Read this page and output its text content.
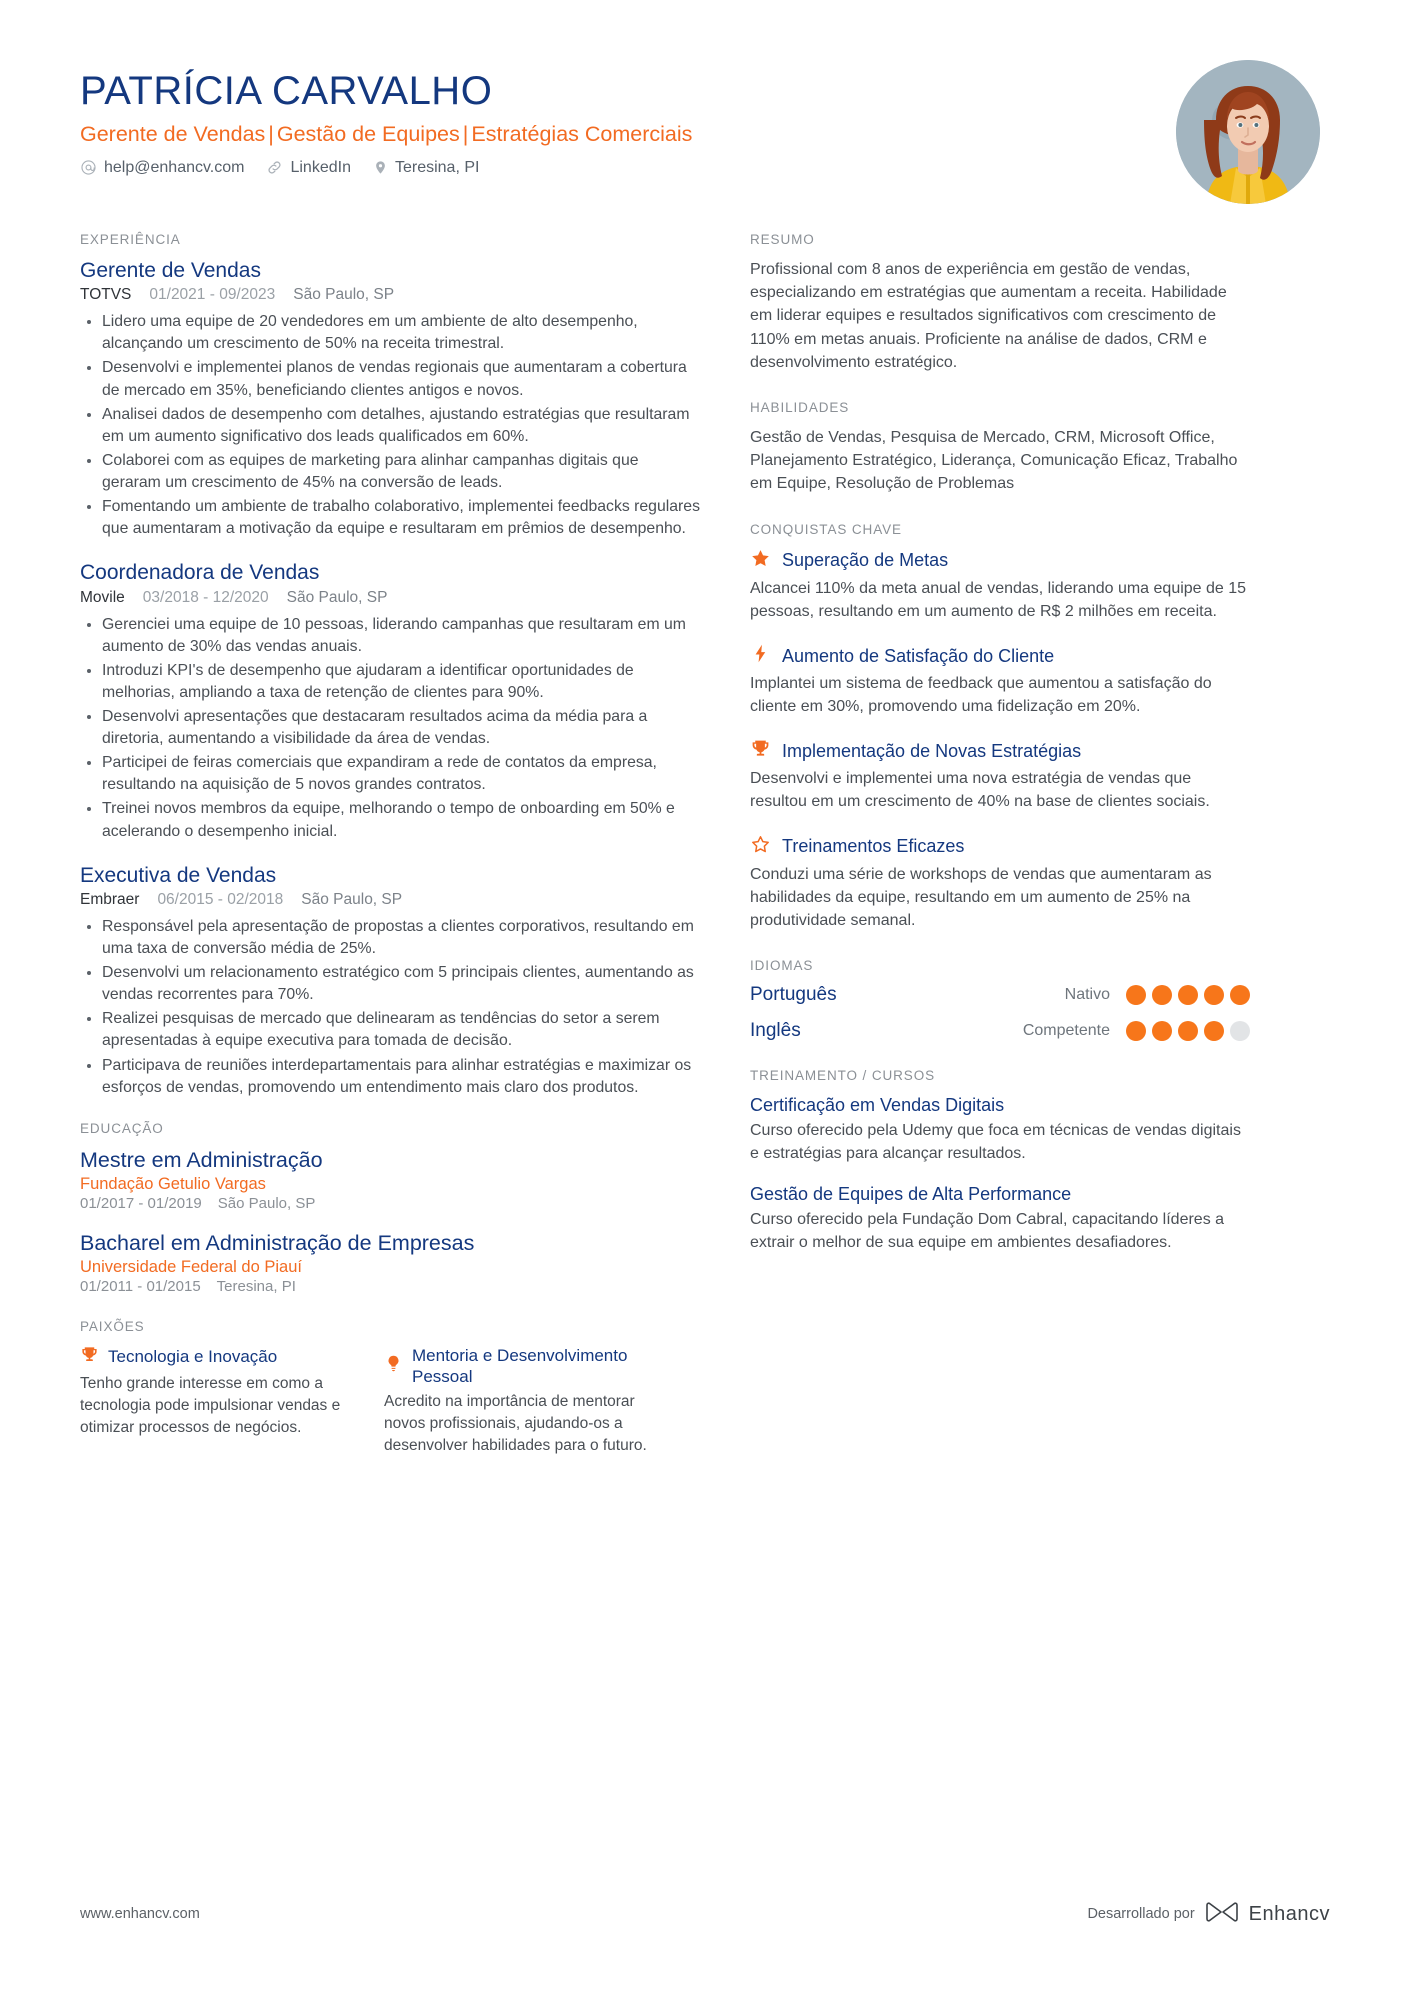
PATRÍCIA CARVALHO
Gerente de Vendas | Gestão de Equipes | Estratégias Comerciais
help@enhancv.com	LinkedIn	Teresina, PI
EXPERIÊNCIA
Gerente de Vendas
TOTVS 01/2021 - 09/2023 São Paulo, SP
Lidero uma equipe de 20 vendedores em um ambiente de alto desempenho, alcançando um crescimento de 50% na receita trimestral.
Desenvolvi e implementei planos de vendas regionais que aumentaram a cobertura de mercado em 35%, beneficiando clientes antigos e novos.
Analisei dados de desempenho com detalhes, ajustando estratégias que resultaram em um aumento significativo dos leads qualificados em 60%.
Colaborei com as equipes de marketing para alinhar campanhas digitais que geraram um crescimento de 45% na conversão de leads.
Fomentando um ambiente de trabalho colaborativo, implementei feedbacks regulares que aumentaram a motivação da equipe e resultaram em prêmios de desempenho.
Coordenadora de Vendas
Movile 03/2018 - 12/2020 São Paulo, SP
Gerenciei uma equipe de 10 pessoas, liderando campanhas que resultaram em um aumento de 30% das vendas anuais.
Introduzi KPI's de desempenho que ajudaram a identificar oportunidades de melhorias, ampliando a taxa de retenção de clientes para 90%.
Desenvolvi apresentações que destacaram resultados acima da média para a diretoria, aumentando a visibilidade da área de vendas.
Participei de feiras comerciais que expandiram a rede de contatos da empresa, resultando na aquisição de 5 novos grandes contratos.
Treinei novos membros da equipe, melhorando o tempo de onboarding em 50% e acelerando o desempenho inicial.
Executiva de Vendas
Embraer 06/2015 - 02/2018 São Paulo, SP
Responsável pela apresentação de propostas a clientes corporativos, resultando em uma taxa de conversão média de 25%.
Desenvolvi um relacionamento estratégico com 5 principais clientes, aumentando as vendas recorrentes para 70%.
Realizei pesquisas de mercado que delinearam as tendências do setor a serem apresentadas à equipe executiva para tomada de decisão.
Participava de reuniões interdepartamentais para alinhar estratégias e maximizar os esforços de vendas, promovendo um entendimento mais claro dos produtos.
EDUCAÇÃO
Mestre em Administração
Fundação Getulio Vargas
01/2017 - 01/2019 São Paulo, SP
Bacharel em Administração de Empresas
Universidade Federal do Piauí
01/2011 - 01/2015 Teresina, PI
PAIXÕES
Tecnologia e Inovação
Tenho grande interesse em como a tecnologia pode impulsionar vendas e otimizar processos de negócios.
Mentoria e Desenvolvimento Pessoal
Acredito na importância de mentorar novos profissionais, ajudando-os a desenvolver habilidades para o futuro.
RESUMO
Profissional com 8 anos de experiência em gestão de vendas, especializando em estratégias que aumentam a receita. Habilidade em liderar equipes e resultados significativos com crescimento de 110% em metas anuais. Proficiente na análise de dados, CRM e desenvolvimento estratégico.
HABILIDADES
Gestão de Vendas, Pesquisa de Mercado, CRM, Microsoft Office, Planejamento Estratégico, Liderança, Comunicação Eficaz, Trabalho em Equipe, Resolução de Problemas
CONQUISTAS CHAVE
Superação de Metas
Alcancei 110% da meta anual de vendas, liderando uma equipe de 15 pessoas, resultando em um aumento de R$ 2 milhões em receita.
Aumento de Satisfação do Cliente
Implantei um sistema de feedback que aumentou a satisfação do cliente em 30%, promovendo uma fidelização em 20%.
Implementação de Novas Estratégias
Desenvolvi e implementei uma nova estratégia de vendas que resultou em um crescimento de 40% na base de clientes sociais.
Treinamentos Eficazes
Conduzi uma série de workshops de vendas que aumentaram as habilidades da equipe, resultando em um aumento de 25% na produtividade semanal.
IDIOMAS
Português	Nativo
Inglês	Competente
TREINAMENTO / CURSOS
Certificação em Vendas Digitais
Curso oferecido pela Udemy que foca em técnicas de vendas digitais e estratégias para alcançar resultados.
Gestão de Equipes de Alta Performance
Curso oferecido pela Fundação Dom Cabral, capacitando líderes a extrair o melhor de sua equipe em ambientes desafiadores.
www.enhancv.com	Desarrollado por	Enhancv
